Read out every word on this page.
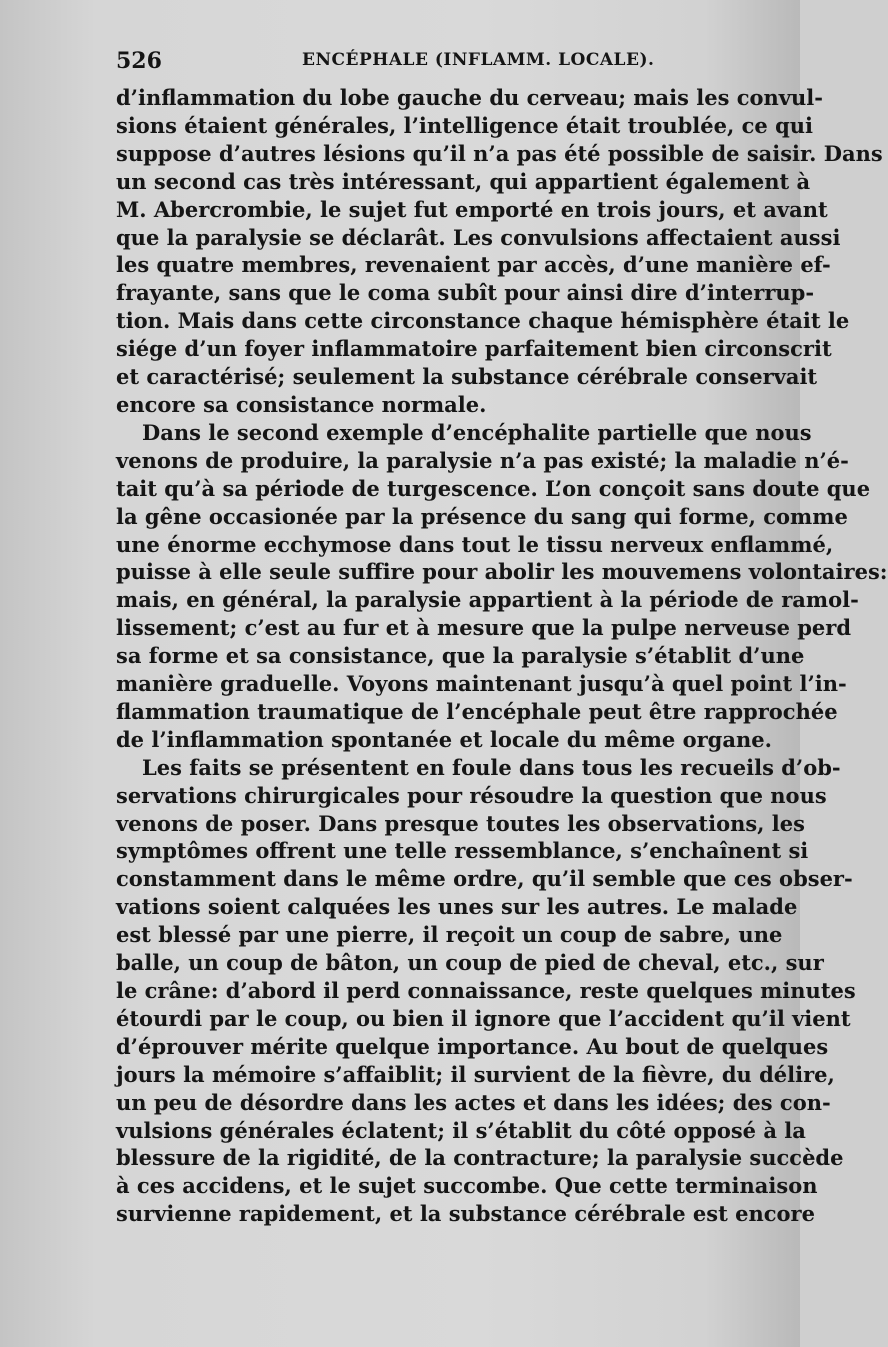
526	ENCÉPHALE (INFLAMM. LOCALE).
d’inflammation du lobe gauche du cerveau; mais les convul-
sions étaient générales, l’intelligence était troublée, ce qui
suppose d’autres lésions qu’il n’a pas été possible de saisir. Dans
un second cas très intéressant, qui appartient également à
M. Abercrombie, le sujet fut emporté en trois jours, et avant
que la paralysie se déclarât. Les convulsions affectaient aussi
les quatre membres, revenaient par accès, d’une manière ef-
frayante, sans que le coma subît pour ainsi dire d’interrup-
tion. Mais dans cette circonstance chaque hémisphère était le
siége d’un foyer inflammatoire parfaitement bien circonscrit
et caractérisé; seulement la substance cérébrale conservait
encore sa consistance normale.
Dans le second exemple d’encéphalite partielle que nous
venons de produire, la paralysie n’a pas existé; la maladie n’é-
tait qu’à sa période de turgescence. L’on conçoit sans doute que
la gêne occasionée par la présence du sang qui forme, comme
une énorme ecchymose dans tout le tissu nerveux enflammé,
puisse à elle seule suffire pour abolir les mouvemens volontaires:
mais, en général, la paralysie appartient à la période de ramol-
lissement; c’est au fur et à mesure que la pulpe nerveuse perd
sa forme et sa consistance, que la paralysie s’établit d’une
manière graduelle. Voyons maintenant jusqu’à quel point l’in-
flammation traumatique de l’encéphale peut être rapprochée
de l’inflammation spontanée et locale du même organe.
Les faits se présentent en foule dans tous les recueils d’ob-
servations chirurgicales pour résoudre la question que nous
venons de poser. Dans presque toutes les observations, les
symptômes offrent une telle ressemblance, s’enchaînent si
constamment dans le même ordre, qu’il semble que ces obser-
vations soient calquées les unes sur les autres. Le malade
est blessé par une pierre, il reçoit un coup de sabre, une
balle, un coup de bâton, un coup de pied de cheval, etc., sur
le crâne: d’abord il perd connaissance, reste quelques minutes
étourdi par le coup, ou bien il ignore que l’accident qu’il vient
d’éprouver mérite quelque importance. Au bout de quelques
jours la mémoire s’affaiblit; il survient de la fièvre, du délire,
un peu de désordre dans les actes et dans les idées; des con-
vulsions générales éclatent; il s’établit du côté opposé à la
blessure de la rigidité, de la contracture; la paralysie succède
à ces accidens, et le sujet succombe. Que cette terminaison
survienne rapidement, et la substance cérébrale est encore
